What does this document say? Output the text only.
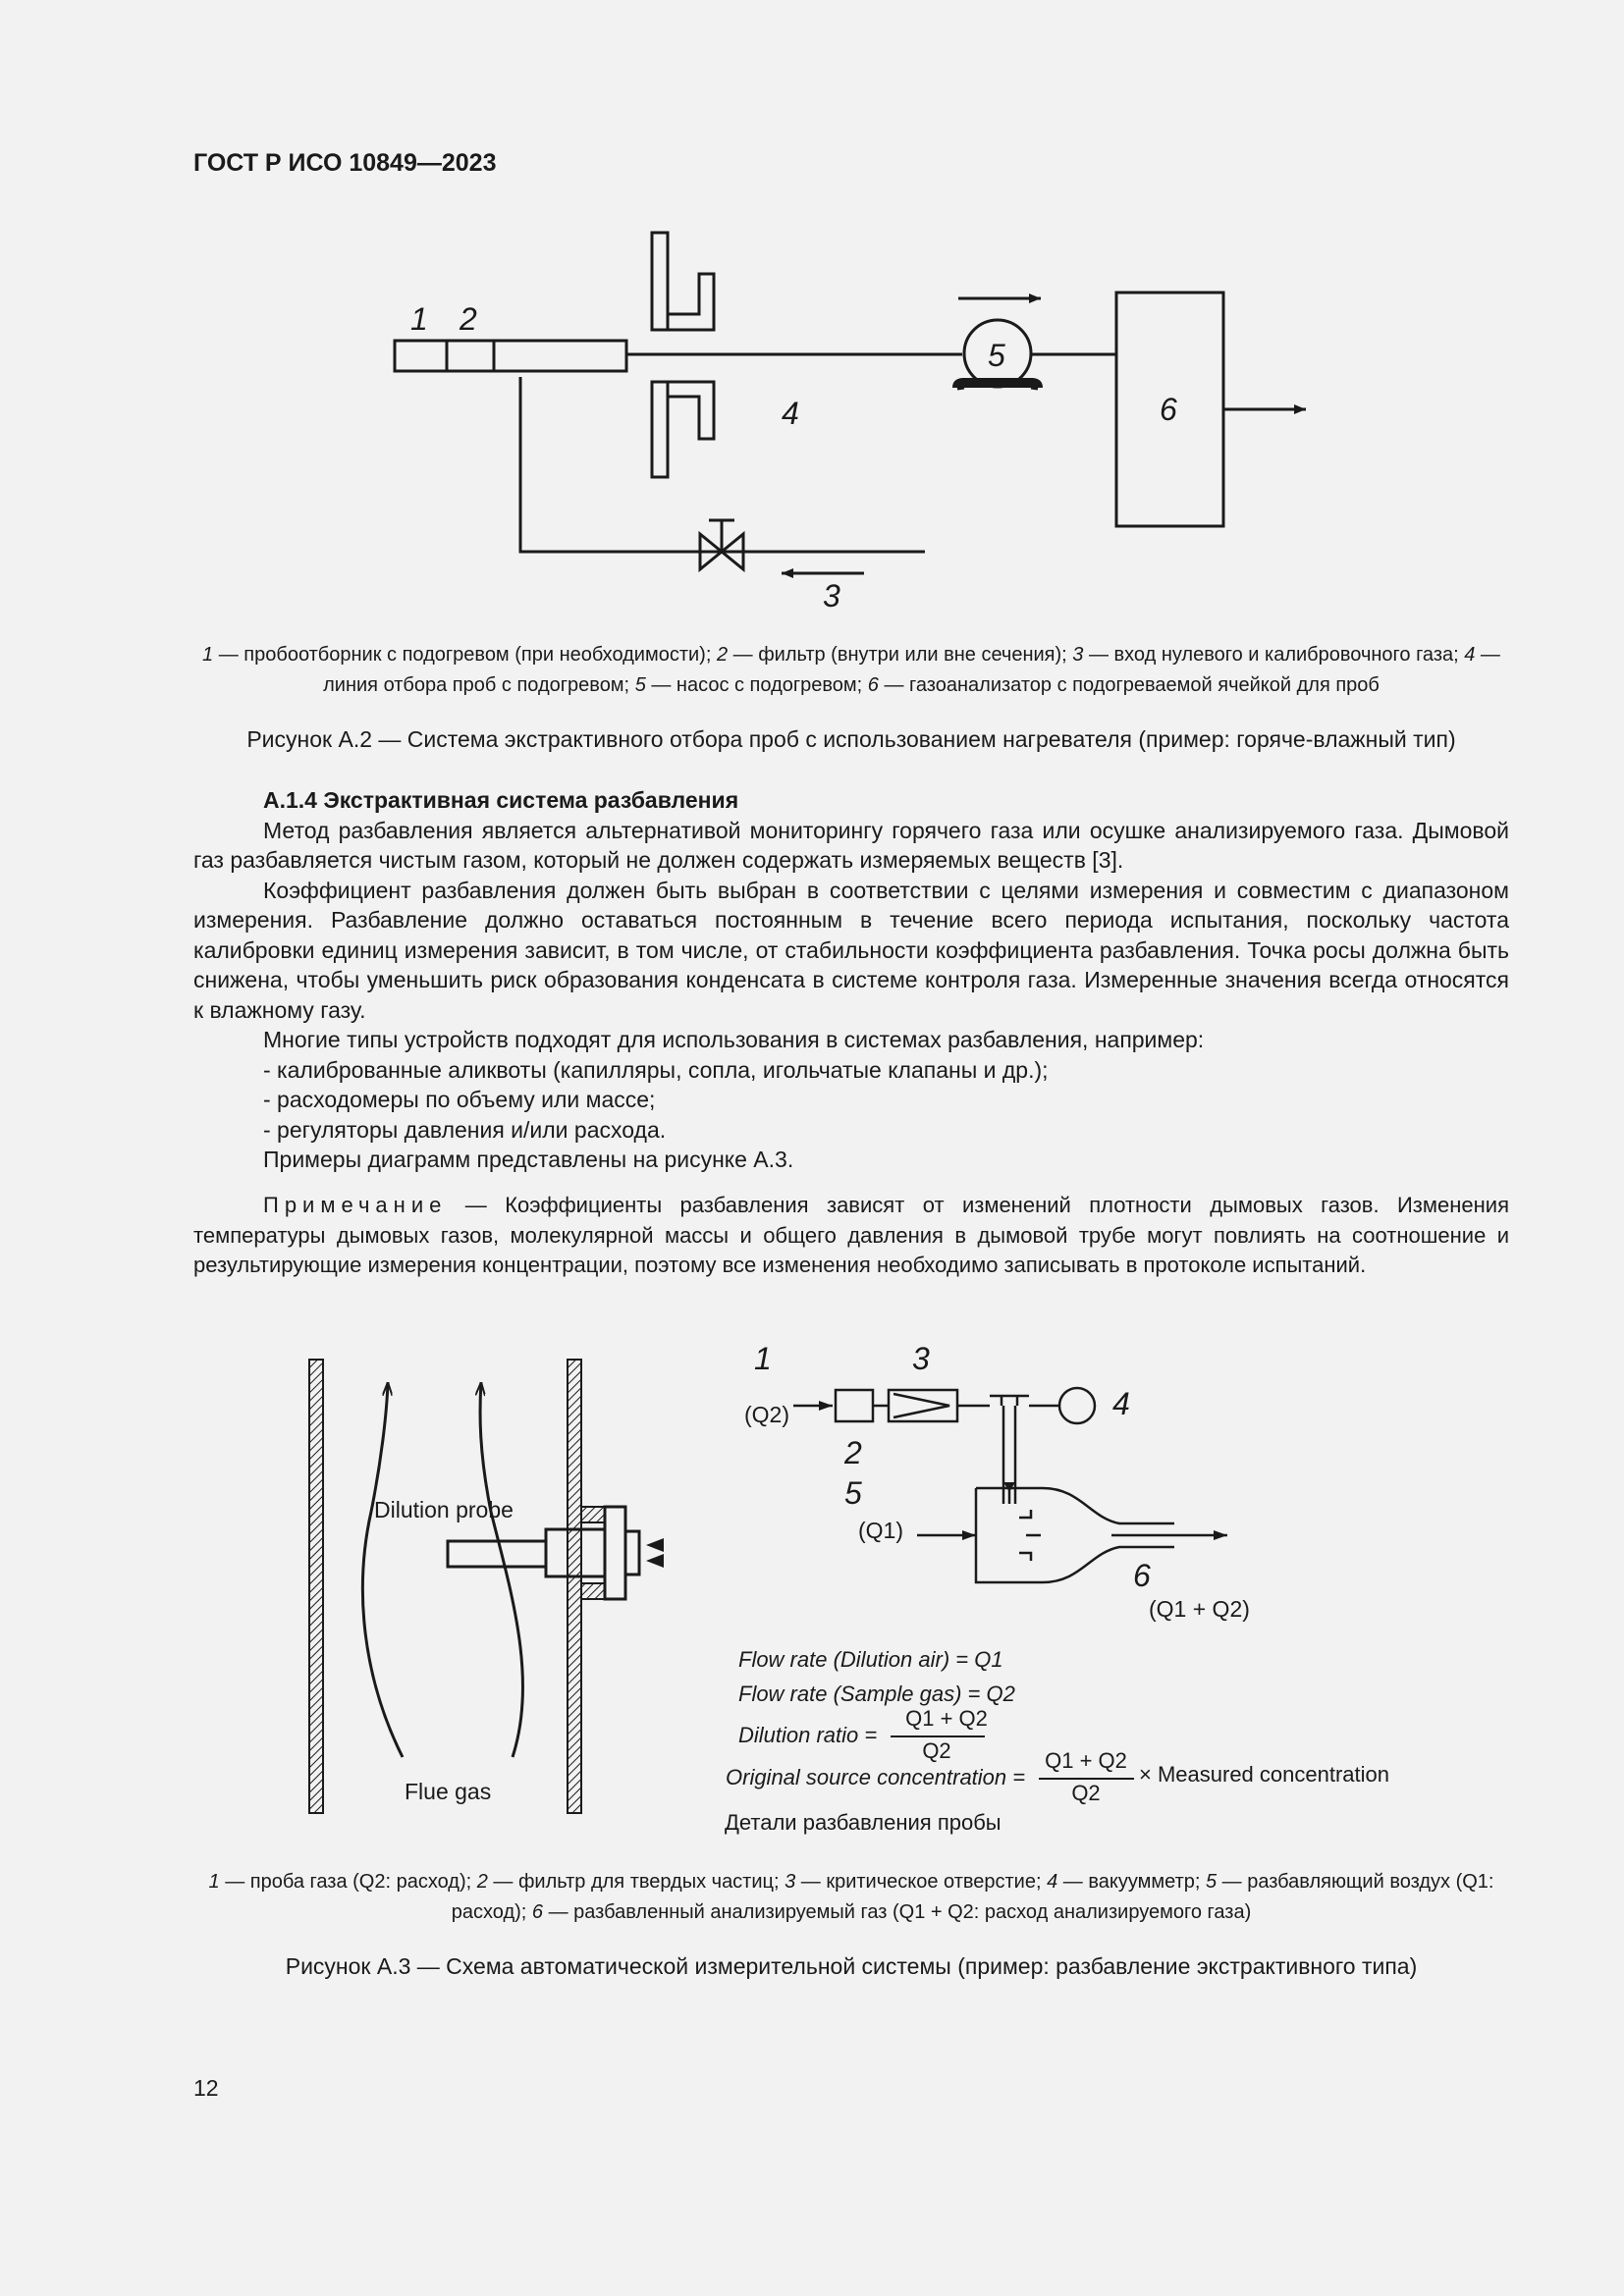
ГОСТ Р ИСО 10849—2023
1 2
3
4
5
6
1 — пробоотборник с подогревом (при необходимости); 2 — фильтр (внутри или вне сечения); 3 — вход нулевого и калибровочного газа; 4 — линия отбора проб с подогревом; 5 — насос с подогревом; 6 — газоанализатор с подогреваемой ячейкой для проб
Рисунок А.2 — Система экстрактивного отбора проб с использованием нагревателя (пример: горяче-влажный тип)

А.1.4 Экстрактивная система разбавления

Метод разбавления является альтернативой мониторингу горячего газа или осушке анализируемого газа. Дымовой газ разбавляется чистым газом, который не должен содержать измеряемых веществ [3].

Коэффициент разбавления должен быть выбран в соответствии с целями измерения и совместим с диапазоном измерения. Разбавление должно оставаться постоянным в течение всего периода испытания, поскольку частота калибровки единиц измерения зависит, в том числе, от стабильности коэффициента разбавления. Точка росы должна быть снижена, чтобы уменьшить риск образования конденсата в системе контроля газа. Измеренные значения всегда относятся к влажному газу.

Многие типы устройств подходят для использования в системах разбавления, например:

- калиброванные аликвоты (капилляры, сопла, игольчатые клапаны и др.);

- расходомеры по объему или массе;

- регуляторы давления и/или расхода.

Примеры диаграмм представлены на рисунке А.3.

Примечание — Коэффициенты разбавления зависят от изменений плотности дымовых газов. Изменения температуры дымовых газов, молекулярной массы и общего давления в дымовой трубе могут повлиять на соотношение и результирующие измерения концентрации, поэтому все изменения необходимо записывать в протоколе испытаний.

Dilution probe
Flue gas
1	3
4
2
5
6
(Q2)
(Q1)
(Q1 + Q2)
Flow rate (Dilution air) = Q1
Flow rate (Sample gas) = Q2
Dilution ratio =
Q1 + Q2
Q2
Original source concentration =
Q1 + Q2
Q2
× Measured concentration
Детали разбавления пробы
1 — проба газа (Q2: расход); 2 — фильтр для твердых частиц; 3 — критическое отверстие; 4 — вакуумметр; 5 — разбавляющий воздух (Q1: расход); 6 — разбавленный анализируемый газ (Q1 + Q2: расход анализируемого газа)
Рисунок А.3 — Схема автоматической измерительной системы (пример: разбавление экстрактивного типа)
12
